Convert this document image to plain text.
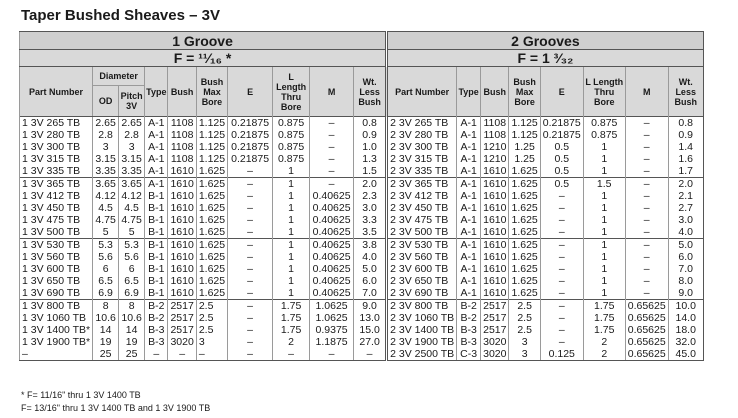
Taper Bushed Sheaves – 3V
1 Groove										2 Grooves							
F = ¹¹⁄₁₆ *										F = 1 ³⁄₃₂							
Part Number	Diameter		Type	Bush	Bush Max Bore	E	L Length Thru Bore	M	Wt. Less Bush	Part Number	Type	Bush	Bush Max Bore	E	L Length Thru Bore	M	Wt. Less Bush
	OD	Pitch 3V															
1 3V 265 TB	2.65	2.65	A-1	1108	1.125	0.21875	0.875	–	0.8	2 3V 265 TB	A-1	1108	1.125	0.21875	0.875	–	0.8
1 3V 280 TB	2.8	2.8	A-1	1108	1.125	0.21875	0.875	–	0.9	2 3V 280 TB	A-1	1108	1.125	0.21875	0.875	–	0.9
1 3V 300 TB	3	3	A-1	1108	1.125	0.21875	0.875	–	1.0	2 3V 300 TB	A-1	1210	1.25	0.5	1	–	1.4
1 3V 315 TB	3.15	3.15	A-1	1108	1.125	0.21875	0.875	–	1.3	2 3V 315 TB	A-1	1210	1.25	0.5	1	–	1.6
1 3V 335 TB	3.35	3.35	A-1	1610	1.625	–	1	–	1.5	2 3V 335 TB	A-1	1610	1.625	0.5	1	–	1.7
1 3V 365 TB	3.65	3.65	A-1	1610	1.625	–	1	–	2.0	2 3V 365 TB	A-1	1610	1.625	0.5	1.5	–	2.0
1 3V 412 TB	4.12	4.12	B-1	1610	1.625	–	1	0.40625	2.3	2 3V 412 TB	A-1	1610	1.625	–	1	–	2.1
1 3V 450 TB	4.5	4.5	B-1	1610	1.625	–	1	0.40625	3.0	2 3V 450 TB	A-1	1610	1.625	–	1	–	2.7
1 3V 475 TB	4.75	4.75	B-1	1610	1.625	–	1	0.40625	3.3	2 3V 475 TB	A-1	1610	1.625	–	1	–	3.0
1 3V 500 TB	5	5	B-1	1610	1.625	–	1	0.40625	3.5	2 3V 500 TB	A-1	1610	1.625	–	1	–	4.0
1 3V 530 TB	5.3	5.3	B-1	1610	1.625	–	1	0.40625	3.8	2 3V 530 TB	A-1	1610	1.625	–	1	–	5.0
1 3V 560 TB	5.6	5.6	B-1	1610	1.625	–	1	0.40625	4.0	2 3V 560 TB	A-1	1610	1.625	–	1	–	6.0
1 3V 600 TB	6	6	B-1	1610	1.625	–	1	0.40625	5.0	2 3V 600 TB	A-1	1610	1.625	–	1	–	7.0
1 3V 650 TB	6.5	6.5	B-1	1610	1.625	–	1	0.40625	6.0	2 3V 650 TB	A-1	1610	1.625	–	1	–	8.0
1 3V 690 TB	6.9	6.9	B-1	1610	1.625	–	1	0.40625	7.0	2 3V 690 TB	A-1	1610	1.625	–	1	–	9.0
1 3V 800 TB	8	8	B-2	2517	2.5	–	1.75	1.0625	9.0	2 3V 800 TB	B-2	2517	2.5	–	1.75	0.65625	10.0
1 3V 1060 TB	10.6	10.6	B-2	2517	2.5	–	1.75	1.0625	13.0	2 3V 1060 TB	B-2	2517	2.5	–	1.75	0.65625	14.0
1 3V 1400 TB*	14	14	B-3	2517	2.5	–	1.75	0.9375	15.0	2 3V 1400 TB	B-3	2517	2.5	–	1.75	0.65625	18.0
1 3V 1900 TB*	19	19	B-3	3020	3	–	2	1.1875	27.0	2 3V 1900 TB	B-3	3020	3	–	2	0.65625	32.0
–	25	25	–	–	–	–	–	–	–	2 3V 2500 TB	C-3	3020	3	0.125	2	0.65625	45.0
* F= 11/16" thru 1 3V 1400 TB
F= 13/16" thru 1 3V 1400 TB and 1 3V 1900 TB
